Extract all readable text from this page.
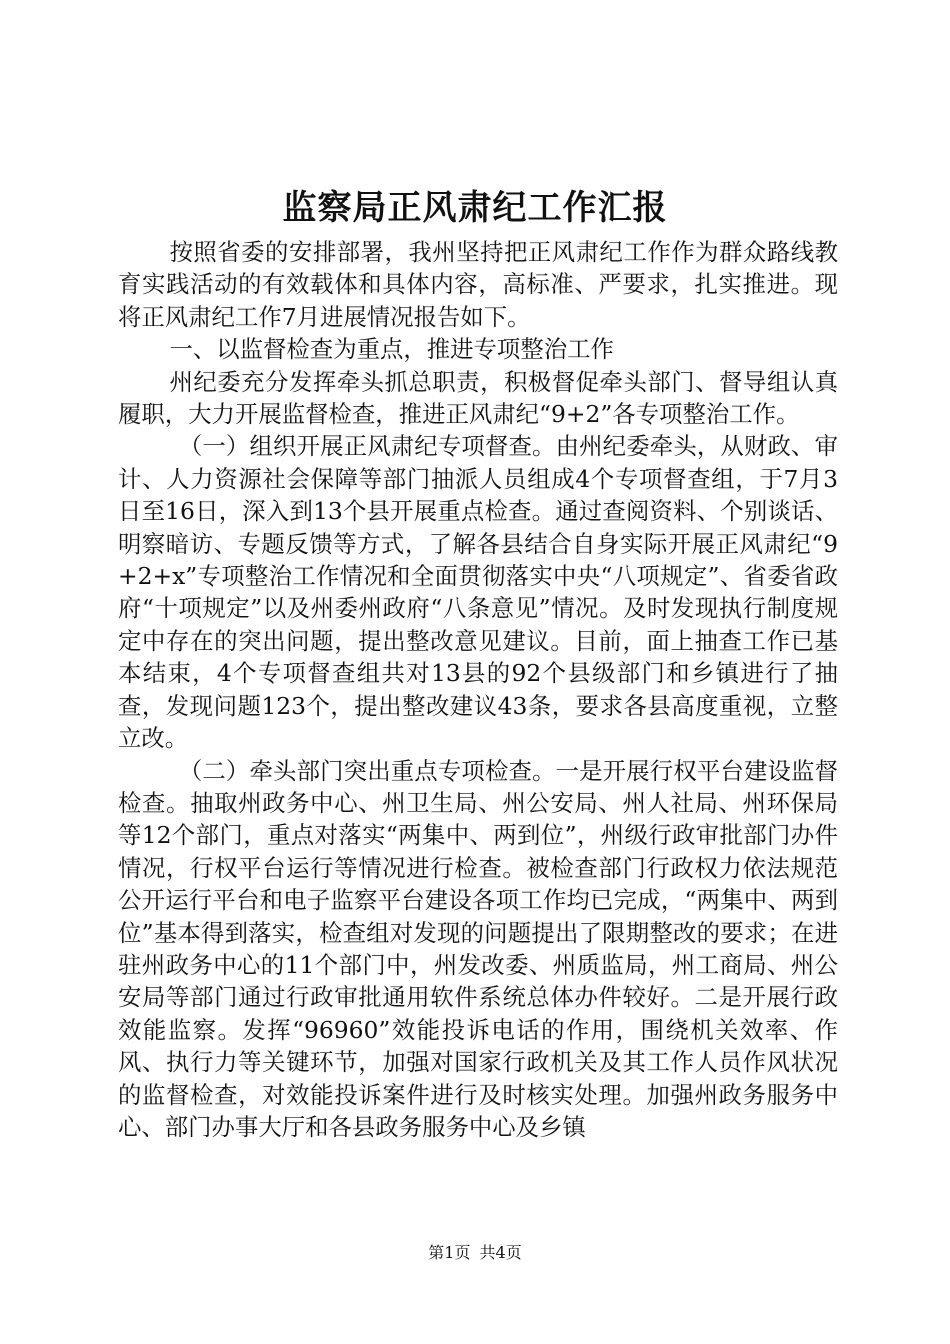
监察局正风肃纪工作汇报

按照省委的安排部署，我州坚持把正风肃纪工作作为群众路线教育实践活动的有效载体和具体内容，高标准、严要求，扎实推进。现将正风肃纪工作7月进展情况报告如下。

一、以监督检查为重点，推进专项整治工作

州纪委充分发挥牵头抓总职责，积极督促牵头部门、督导组认真履职，大力开展监督检查，推进正风肃纪“9+2”各专项整治工作。

（一）组织开展正风肃纪专项督查。由州纪委牵头，从财政、审计、人力资源社会保障等部门抽派人员组成4个专项督查组，于7月3日至16日，深入到13个县开展重点检查。通过查阅资料、个别谈话、明察暗访、专题反馈等方式，了解各县结合自身实际开展正风肃纪“9+2+x”专项整治工作情况和全面贯彻落实中央“八项规定”、省委省政府“十项规定”以及州委州政府“八条意见”情况。及时发现执行制度规定中存在的突出问题，提出整改意见建议。目前，面上抽查工作已基本结束，4个专项督查组共对13县的92个县级部门和乡镇进行了抽查，发现问题123个，提出整改建议43条，要求各县高度重视，立整立改。

（二）牵头部门突出重点专项检查。一是开展行权平台建设监督检查。抽取州政务中心、州卫生局、州公安局、州人社局、州环保局等12个部门，重点对落实“两集中、两到位”，州级行政审批部门办件情况，行权平台运行等情况进行检查。被检查部门行政权力依法规范公开运行平台和电子监察平台建设各项工作均已完成，“两集中、两到位”基本得到落实，检查组对发现的问题提出了限期整改的要求；在进驻州政务中心的11个部门中，州发改委、州质监局，州工商局、州公安局等部门通过行政审批通用软件系统总体办件较好。二是开展行政效能监察。发挥“96960”效能投诉电话的作用，围绕机关效率、作风、执行力等关键环节，加强对国家行政机关及其工作人员作风状况的监督检查，对效能投诉案件进行及时核实处理。加强州政务服务中心、部门办事大厅和各县政务服务中心及乡镇

第1页 共4页
